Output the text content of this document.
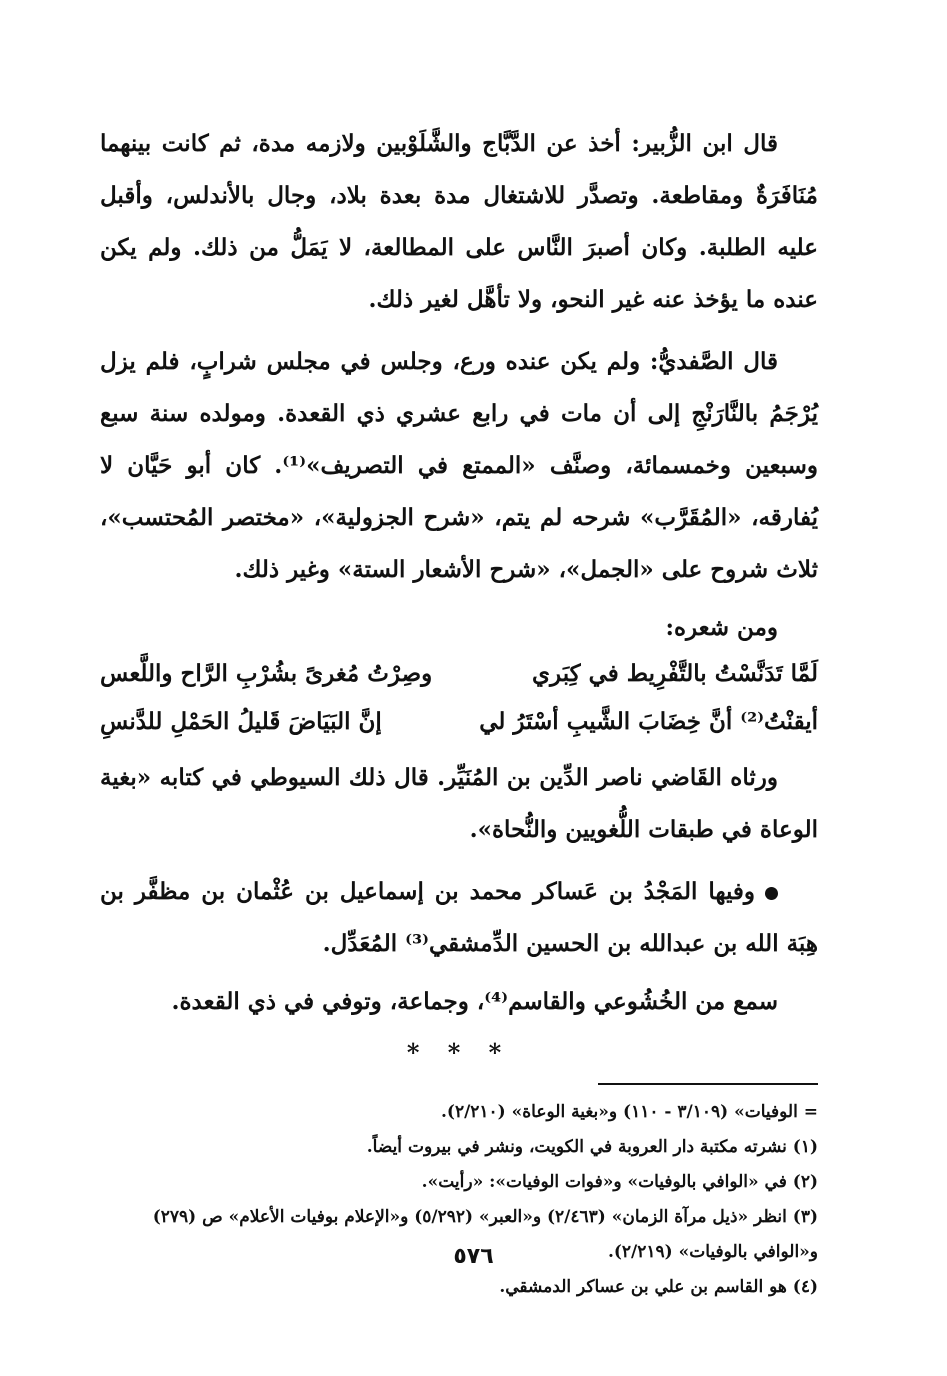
قال ابن الزُّبير: أخذ عن الدَّبَّاج والشَّلَوْبين ولازمه مدة، ثم كانت بينهما مُنَافَرَةٌ ومقاطعة. وتصدَّر للاشتغال مدة بعدة بلاد، وجال بالأندلس، وأقبل عليه الطلبة. وكان أصبرَ النَّاس على المطالعة، لا يَمَلُّ من ذلك. ولم يكن عنده ما يؤخذ عنه غير النحو، ولا تأهَّل لغير ذلك.

قال الصَّفديُّ: ولم يكن عنده ورع، وجلس في مجلس شرابٍ، فلم يزل يُرْجَمُ بالنَّارَنْجِ إلى أن مات في رابع عشري ذي القعدة. ومولده سنة سبع وسبعين وخمسمائة، وصنَّف «الممتع في التصريف»⁽¹⁾. كان أبو حَيَّان لا يُفارقه، «المُقَرَّب» شرحه لم يتم، «شرح الجزولية»، «مختصر المُحتسب»، ثلاث شروح على «الجمل»، «شرح الأشعار الستة» وغير ذلك.

ومن شعره:
لَمَّا تَدَنَّسْتُ بالتَّفْرِيط في كِبَري
وصِرْتُ مُغرىً بشُرْبِ الرَّاح واللَّعس
أيقنْتُ⁽²⁾ أنَّ خِضَابَ الشَّيبِ أسْتَرُ لي
إنَّ البَيَاضَ قَليلُ الحَمْلِ للدَّنسِ

ورثاه القَاضي ناصر الدِّين بن المُنَيِّر. قال ذلك السيوطي في كتابه «بغية الوعاة في طبقات اللُّغويين والنُّحاة».

وفيها المَجْدُ بن عَساكر محمد بن إسماعيل بن عُثْمان بن مظفَّر بن هِبَة الله بن عبدالله بن الحسين الدِّمشقي⁽³⁾ المُعَدِّل.

سمع من الخُشُوعي والقاسم⁽⁴⁾، وجماعة، وتوفي في ذي القعدة.

* * *

= الوفيات» (٣/١٠٩ - ١١٠) و«بغية الوعاة» (٢/٢١٠).

(١) نشرته مكتبة دار العروبة في الكويت، ونشر في بيروت أيضاً.

(٢) في «الوافي بالوفيات» و«فوات الوفيات»: «رأيت».

(٣) انظر «ذيل مرآة الزمان» (٢/٤٦٣) و«العبر» (٥/٢٩٢) و«الإعلام بوفيات الأعلام» ص (٢٧٩) و«الوافي بالوفيات» (٢/٢١٩).

(٤) هو القاسم بن علي بن عساكر الدمشقي.

٥٧٦
